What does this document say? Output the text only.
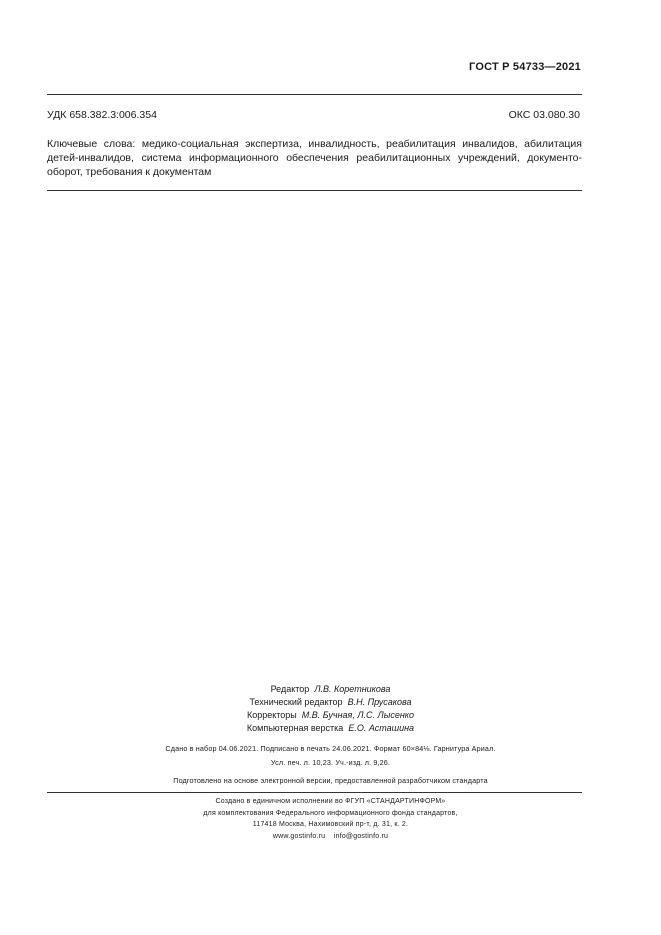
ГОСТ Р 54733—2021
УДК 658.382.3:006.354	ОКС 03.080.30
Ключевые слова: медико-социальная экспертиза, инвалидность, реабилитация инвалидов, абилитация
детей-инвалидов, система информационного обеспечения реабилитационных учреждений, документо-
оборот, требования к документам
Редактор Л.В. Коретникова
Технический редактор В.Н. Прусакова
Корректоры М.В. Бучная, Л.С. Лысенко
Компьютерная верстка Е.О. Асташина
Сдано в набор 04.06.2021. Подписано в печать 24.06.2021. Формат 60×84⅛. Гарнитура Ариал.
Усл. печ. л. 10,23. Уч.-изд. л. 9,26.
Подготовлено на основе электронной версии, предоставленной разработчиком стандарта
Создано в единичном исполнении во ФГУП «СТАНДАРТИНФОРМ»
для комплектования Федерального информационного фонда стандартов,
117418 Москва, Нахимовский пр-т, д. 31, к. 2.
www.gostinfo.ru    info@gostinfo.ru
